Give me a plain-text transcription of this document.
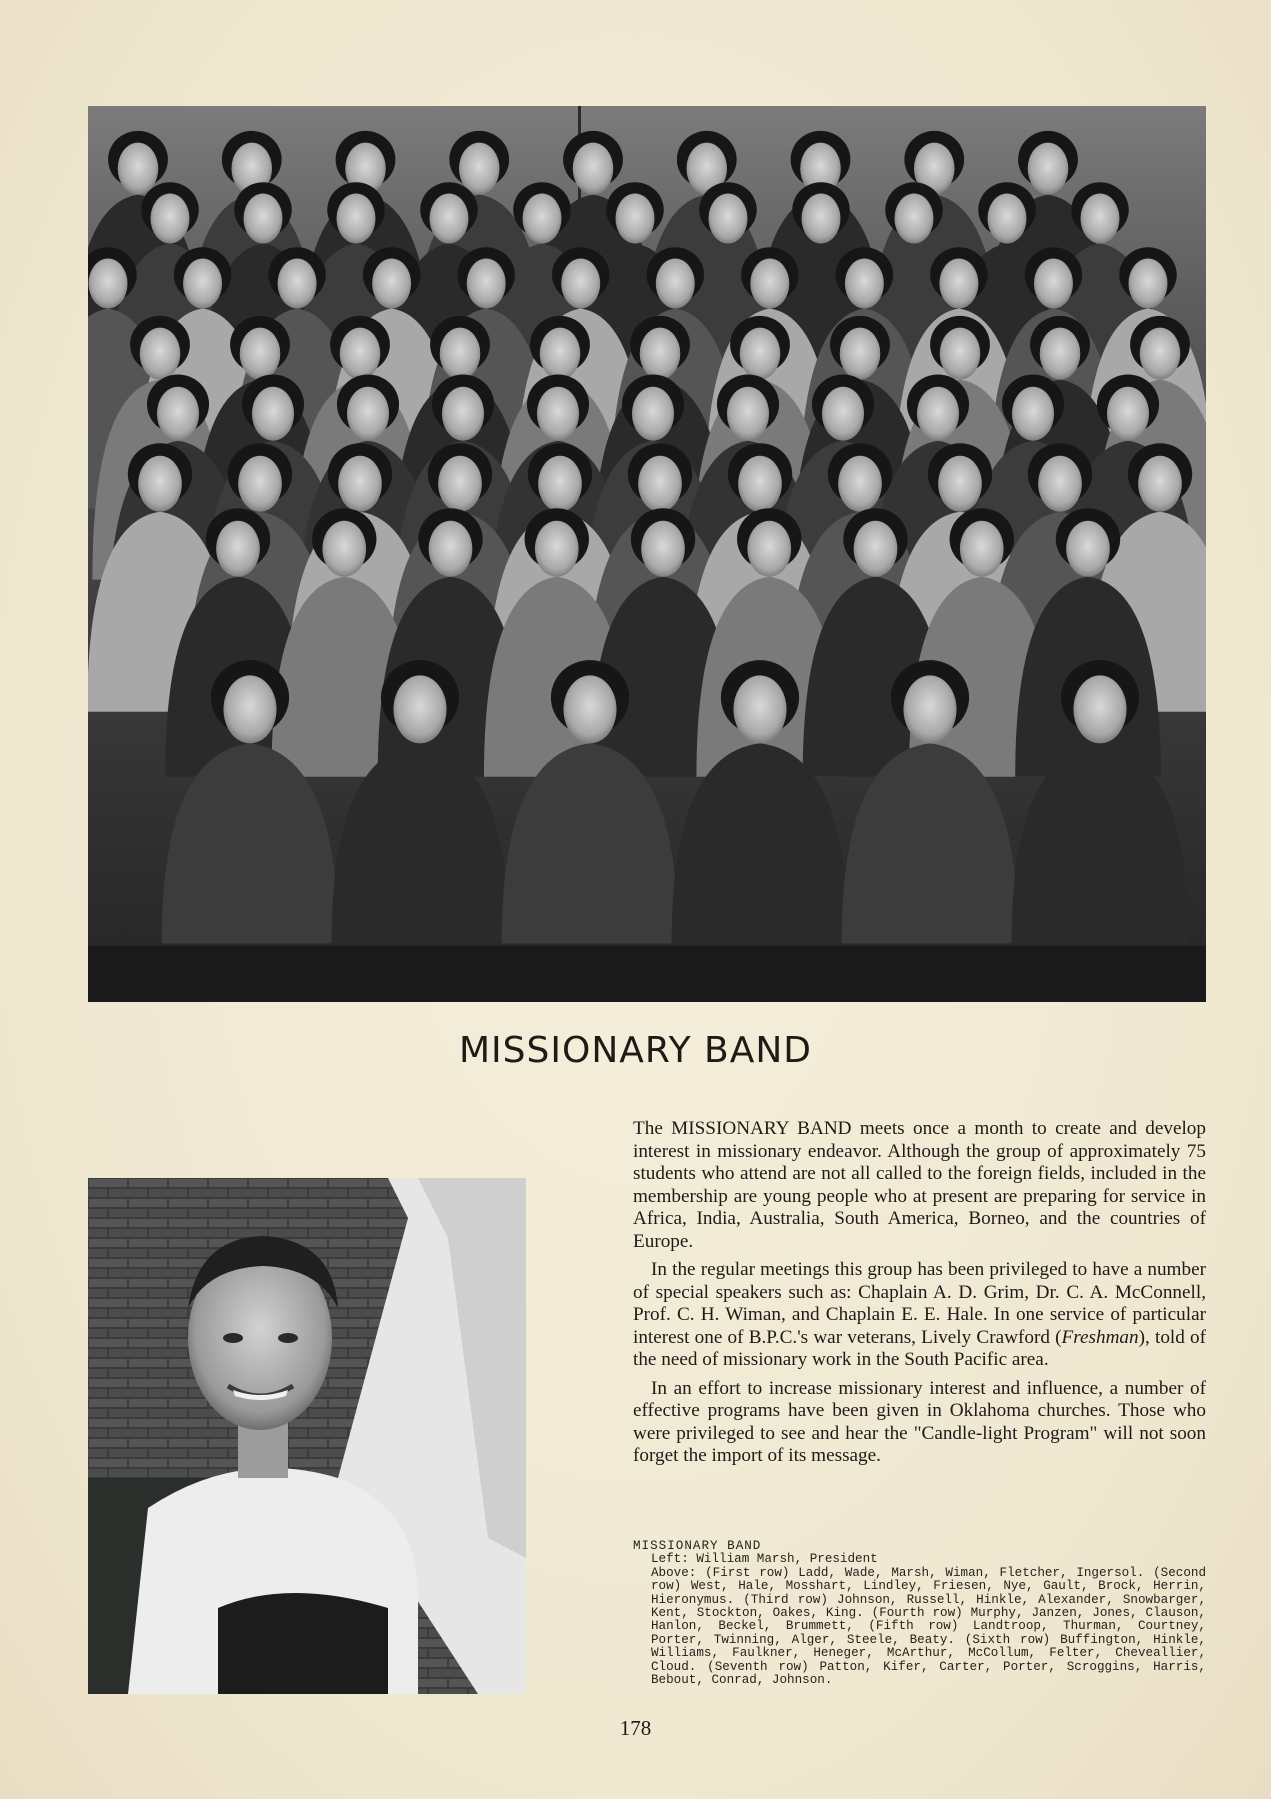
MISSIONARY BAND

The MISSIONARY BAND meets once a month to create and develop interest in missionary endeavor. Although the group of approximately 75 students who attend are not all called to the foreign fields, included in the membership are young people who at present are preparing for service in Africa, India, Australia, South America, Borneo, and the countries of Europe.

In the regular meetings this group has been privileged to have a number of special speakers such as: Chaplain A. D. Grim, Dr. C. A. McConnell, Prof. C. H. Wiman, and Chaplain E. E. Hale. In one service of particular interest one of B.P.C.'s war veterans, Lively Crawford (Freshman), told of the need of missionary work in the South Pacific area.

In an effort to increase missionary interest and influence, a number of effective programs have been given in Oklahoma churches. Those who were privileged to see and hear the "Candle-light Program" will not soon forget the import of its message.

MISSIONARY BAND
Left: William Marsh, President
Above: (First row) Ladd, Wade, Marsh, Wiman, Fletcher, Ingersol. (Second row) West, Hale, Mosshart, Lindley, Friesen, Nye, Gault, Brock, Herrin, Hieronymus. (Third row) Johnson, Russell, Hinkle, Alexander, Snowbarger, Kent, Stockton, Oakes, King. (Fourth row) Murphy, Janzen, Jones, Clauson, Hanlon, Beckel, Brummett, (Fifth row) Landtroop, Thurman, Courtney, Porter, Twinning, Alger, Steele, Beaty. (Sixth row) Buffington, Hinkle, Williams, Faulkner, Heneger, McArthur, McCollum, Felter, Cheveallier, Cloud. (Seventh row) Patton, Kifer, Carter, Porter, Scroggins, Harris, Bebout, Conrad, Johnson.
178
